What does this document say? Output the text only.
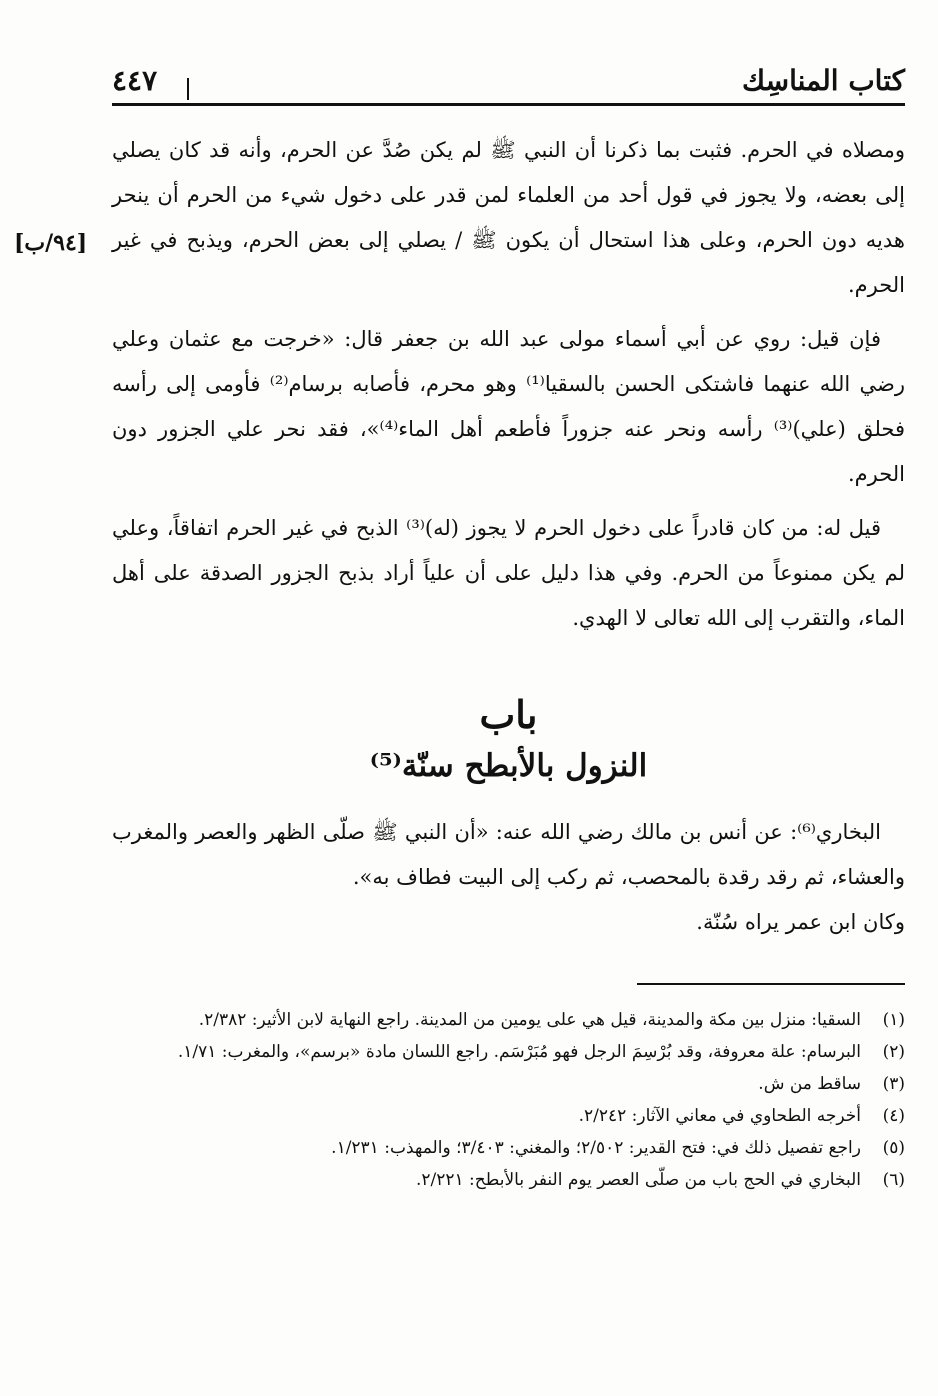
كتاب المناسِك
٤٤٧
[٩٤/ب]

ومصلاه في الحرم. فثبت بما ذكرنا أن النبي ﷺ لم يكن صُدَّ عن الحرم، وأنه قد كان يصلي إلى بعضه، ولا يجوز في قول أحد من العلماء لمن قدر على دخول شيء من الحرم أن ينحر هديه دون الحرم، وعلى هذا استحال أن يكون ﷺ / يصلي إلى بعض الحرم، ويذبح في غير الحرم.

فإن قيل: روي عن أبي أسماء مولى عبد الله بن جعفر قال: «خرجت مع عثمان وعلي رضي الله عنهما فاشتكى الحسن بالسقيا⁽¹⁾ وهو محرم، فأصابه برسام⁽²⁾ فأومى إلى رأسه فحلق (علي)⁽³⁾ رأسه ونحر عنه جزوراً فأطعم أهل الماء⁽⁴⁾»، فقد نحر علي الجزور دون الحرم.

قيل له: من كان قادراً على دخول الحرم لا يجوز (له)⁽³⁾ الذبح في غير الحرم اتفاقاً، وعلي لم يكن ممنوعاً من الحرم. وفي هذا دليل على أن علياً أراد بذبح الجزور الصدقة على أهل الماء، والتقرب إلى الله تعالى لا الهدي.

باب
النزول بالأبطح سنّة⁽⁵⁾

البخاري⁽⁶⁾: عن أنس بن مالك رضي الله عنه: «أن النبي ﷺ صلّى الظهر والعصر والمغرب والعشاء، ثم رقد رقدة بالمحصب، ثم ركب إلى البيت فطاف به».

وكان ابن عمر يراه سُنّة.

(١)
السقيا: منزل بين مكة والمدينة، قيل هي على يومين من المدينة. راجع النهاية لابن الأثير: ٢/٣٨٢.

(٢)
البرسام: علة معروفة، وقد بُرْسِمَ الرجل فهو مُبَرْسَم. راجع اللسان مادة «برسم»، والمغرب: ١/٧١.

(٣)
ساقط من ش.

(٤)
أخرجه الطحاوي في معاني الآثار: ٢/٢٤٢.

(٥)
راجع تفصيل ذلك في: فتح القدير: ٢/٥٠٢؛ والمغني: ٣/٤٠٣؛ والمهذب: ١/٢٣١.

(٦)
البخاري في الحج باب من صلّى العصر يوم النفر بالأبطح: ٢/٢٢١.
